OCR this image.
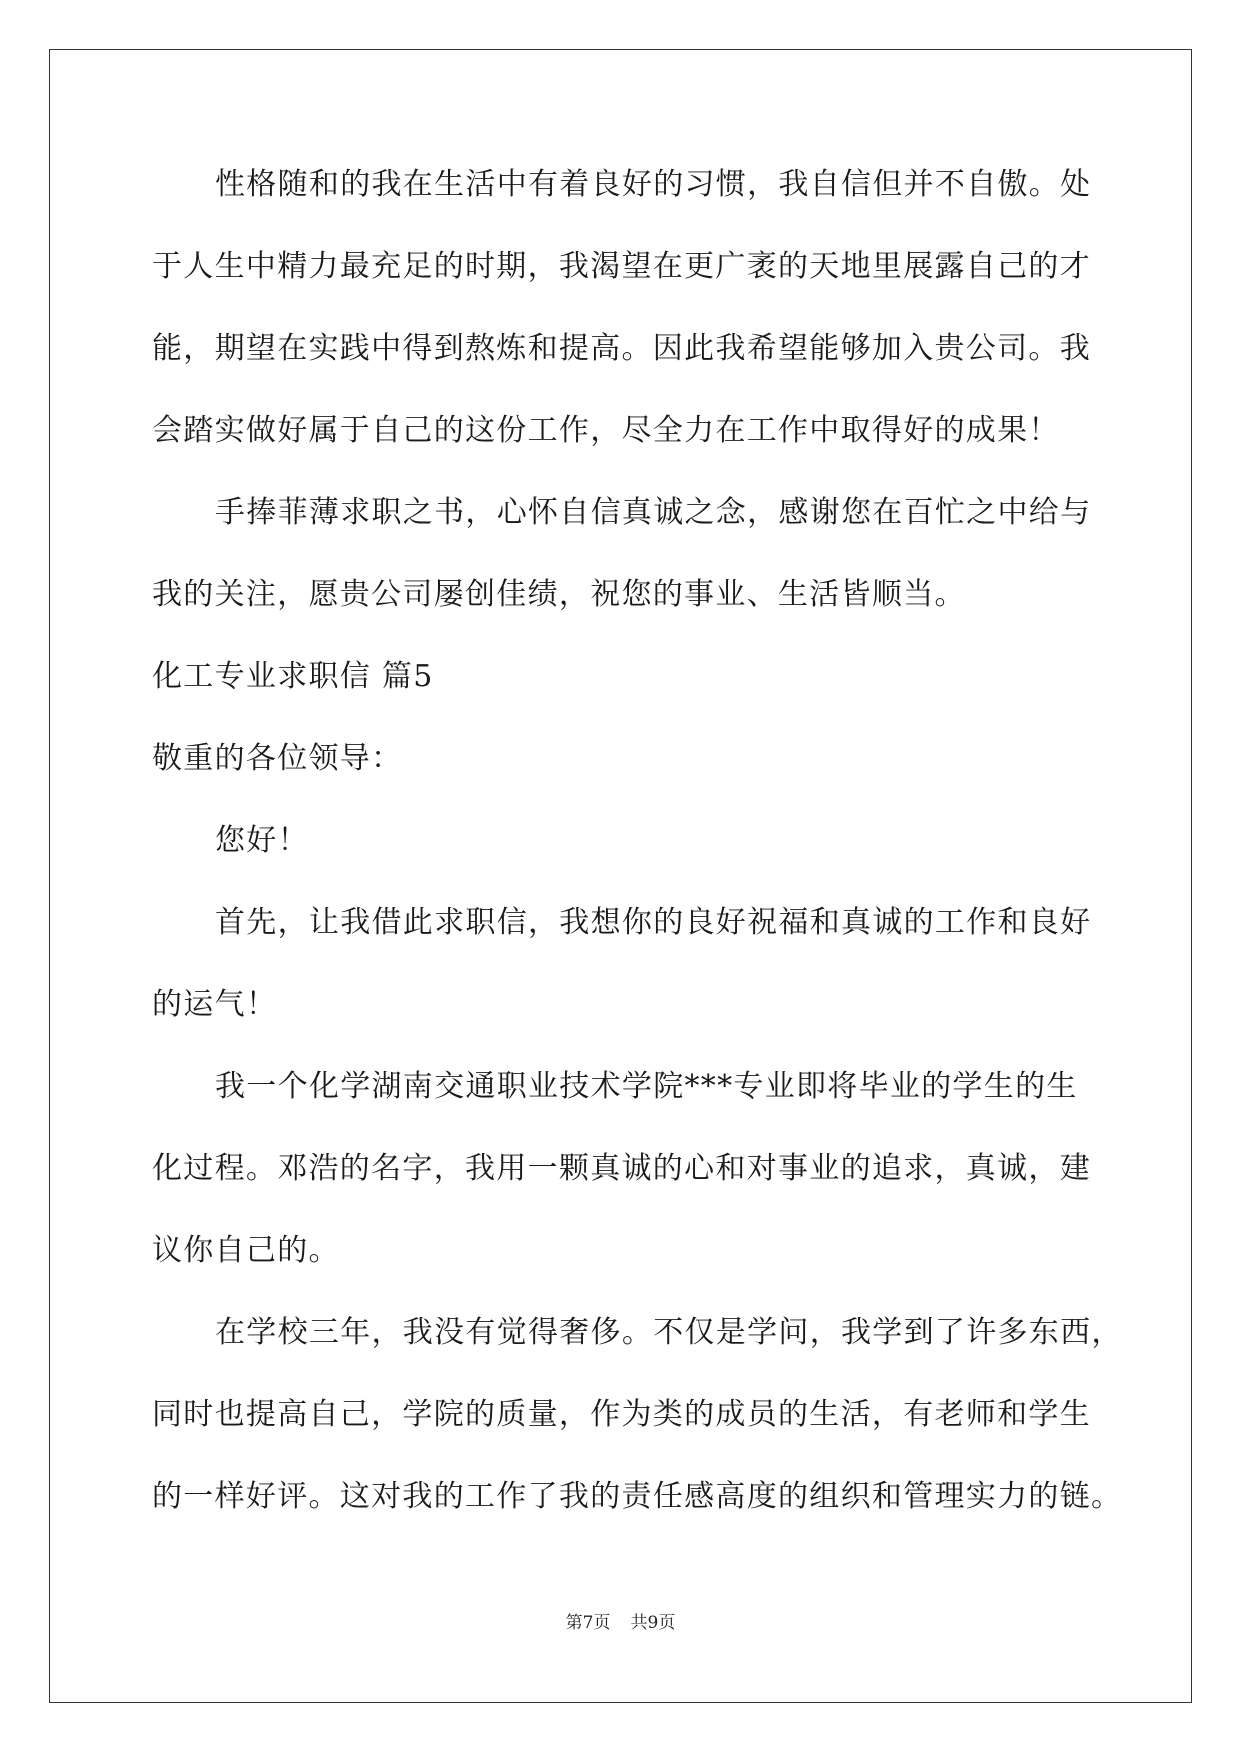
性格随和的我在生活中有着良好的习惯，我自信但并不自傲。处
于人生中精力最充足的时期，我渴望在更广袤的天地里展露自己的才
能，期望在实践中得到熬炼和提高。因此我希望能够加入贵公司。我
会踏实做好属于自己的这份工作，尽全力在工作中取得好的成果！
手捧菲薄求职之书，心怀自信真诚之念，感谢您在百忙之中给与
我的关注，愿贵公司屡创佳绩，祝您的事业、生活皆顺当。
化工专业求职信 篇5
敬重的各位领导：
您好！
首先，让我借此求职信，我想你的良好祝福和真诚的工作和良好
的运气！
我一个化学湖南交通职业技术学院***专业即将毕业的学生的生
化过程。邓浩的名字，我用一颗真诚的心和对事业的追求，真诚，建
议你自己的。
在学校三年，我没有觉得奢侈。不仅是学问，我学到了许多东西，
同时也提高自己，学院的质量，作为类的成员的生活，有老师和学生
的一样好评。这对我的工作了我的责任感高度的组织和管理实力的链。
第7页 共9页
